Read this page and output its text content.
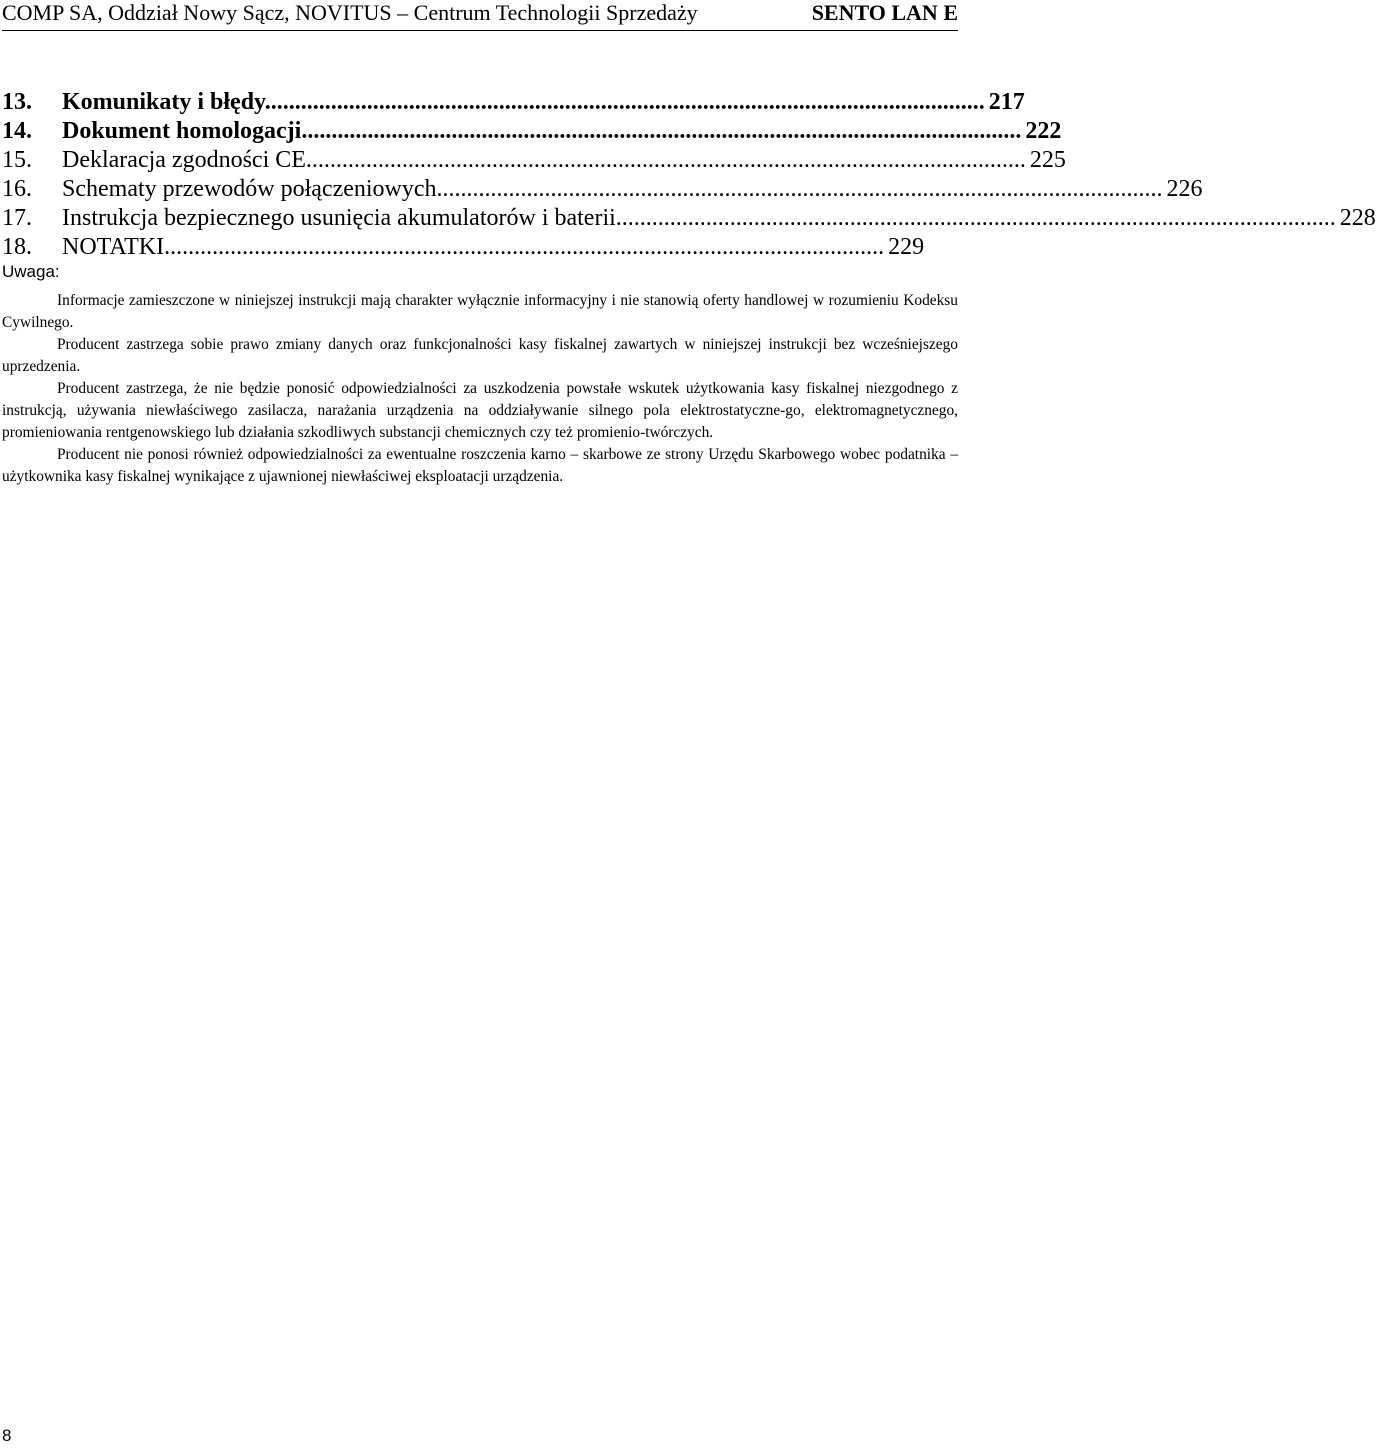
COMP SA, Oddział Nowy Sącz, NOVITUS – Centrum Technologii Sprzedaży	SENTO LAN E
13.	Komunikaty i błędy........................................................................................................................ 217
14.	Dokument homologacji........................................................................................................................ 222
15.	Deklaracja zgodności CE........................................................................................................................ 225
16.	Schematy przewodów połączeniowych......................................................................................................................... 226
17.	Instrukcja bezpiecznego usunięcia akumulatorów i baterii........................................................................................................................ 228
18.	NOTATKI........................................................................................................................ 229
Uwaga:

Informacje zamieszczone w niniejszej instrukcji mają charakter wyłącznie informacyjny i nie stanowią oferty handlowej w rozumieniu Kodeksu Cywilnego.

Producent zastrzega sobie prawo zmiany danych oraz funkcjonalności kasy fiskalnej zawartych w niniejszej instrukcji bez wcześniejszego uprzedzenia.

Producent zastrzega, że nie będzie ponosić odpowiedzialności za uszkodzenia powstałe wskutek użytkowania kasy fiskalnej niezgodnego z instrukcją, używania niewłaściwego zasilacza, narażania urządzenia na oddziaływanie silnego pola elektrostatyczne-go, elektromagnetycznego, promieniowania rentgenowskiego lub działania szkodliwych substancji chemicznych czy też promienio-twórczych.

Producent nie ponosi również odpowiedzialności za ewentualne roszczenia karno – skarbowe ze strony Urzędu Skarbowego wobec podatnika – użytkownika kasy fiskalnej wynikające z ujawnionej niewłaściwej eksploatacji urządzenia.

8
